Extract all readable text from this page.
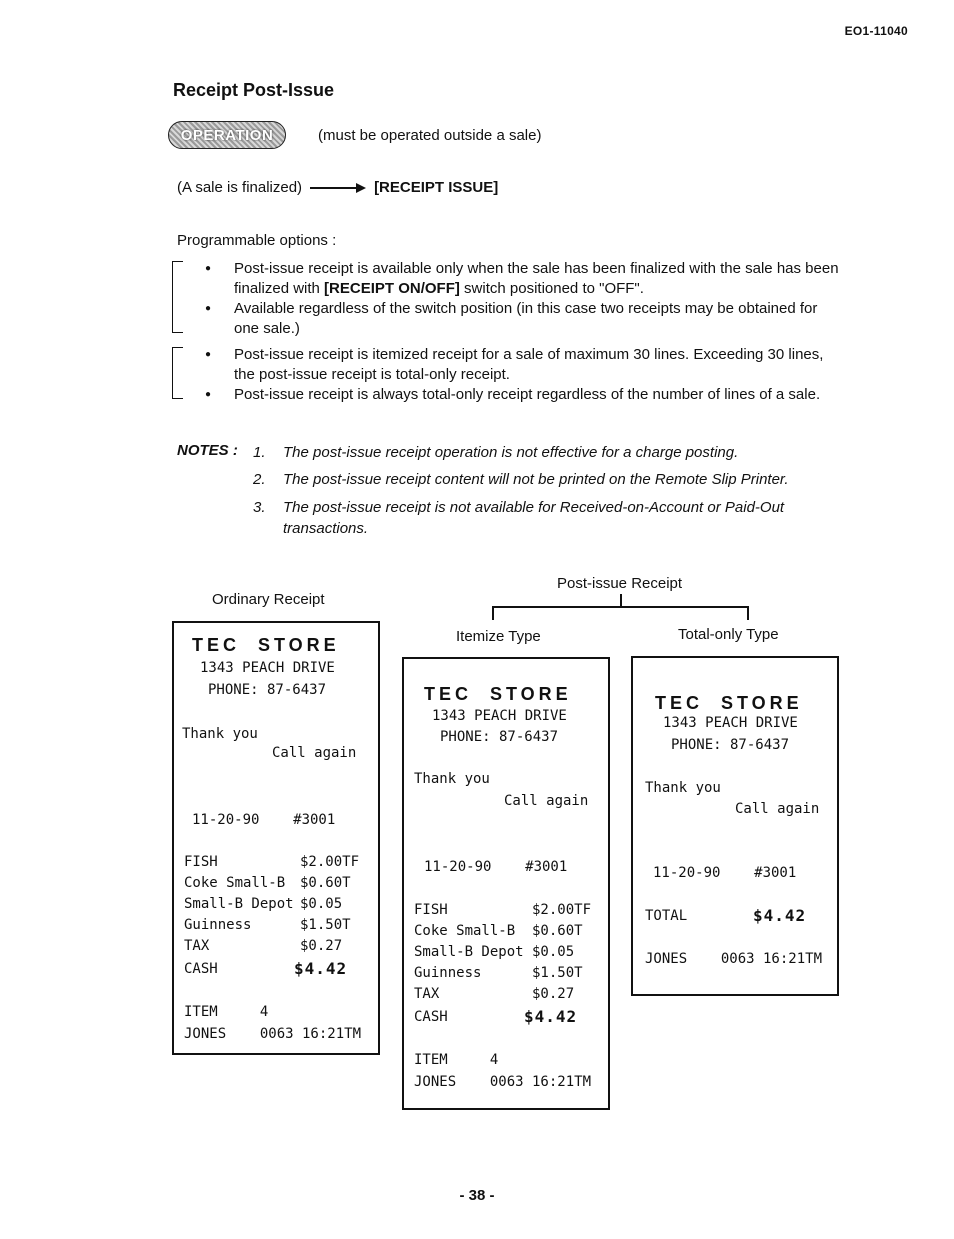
EO1-11040
Receipt Post-Issue
OPERATION	(must be operated outside a sale)
(A sale is finalized)	[RECEIPT ISSUE]
Programmable options :
● Post-issue receipt is available only when the sale has been finalized with the sale has been finalized with [RECEIPT ON/OFF] switch positioned to "OFF".
● Available regardless of the switch position (in this case two receipts may be obtained for one sale.)
● Post-issue receipt is itemized receipt for a sale of maximum 30 lines. Exceeding 30 lines, the post-issue receipt is total-only receipt.
● Post-issue receipt is always total-only receipt regardless of the number of lines of a sale.
NOTES : 1. The post-issue receipt operation is not effective for a charge posting.
2. The post-issue receipt content will not be printed on the Remote Slip Printer.
3. The post-issue receipt is not available for Received-on-Account or Paid-Out transactions.
Ordinary Receipt
Post-issue Receipt
Itemize Type	Total-only Type
TEC  STORE
1343 PEACH DRIVE
PHONE: 87-6437
Thank you
Call again
11-20-90    #3001
FISH	$2.00TF
Coke Small-B $0.60T
Small-B Depot $0.05
Guinness	$1.50T
TAX	$0.27
CASH	$4.42
ITEM     4
JONES    0063 16:21TM
TEC  STORE
1343 PEACH DRIVE
PHONE: 87-6437
Thank you
Call again
11-20-90    #3001
FISH	$2.00TF
Coke Small-B $0.60T
Small-B Depot $0.05
Guinness	$1.50T
TAX	$0.27
CASH	$4.42
ITEM     4
JONES    0063 16:21TM
TEC  STORE
1343 PEACH DRIVE
PHONE: 87-6437
Thank you
Call again
11-20-90    #3001
TOTAL	$4.42
JONES    0063 16:21TM
- 38 -
